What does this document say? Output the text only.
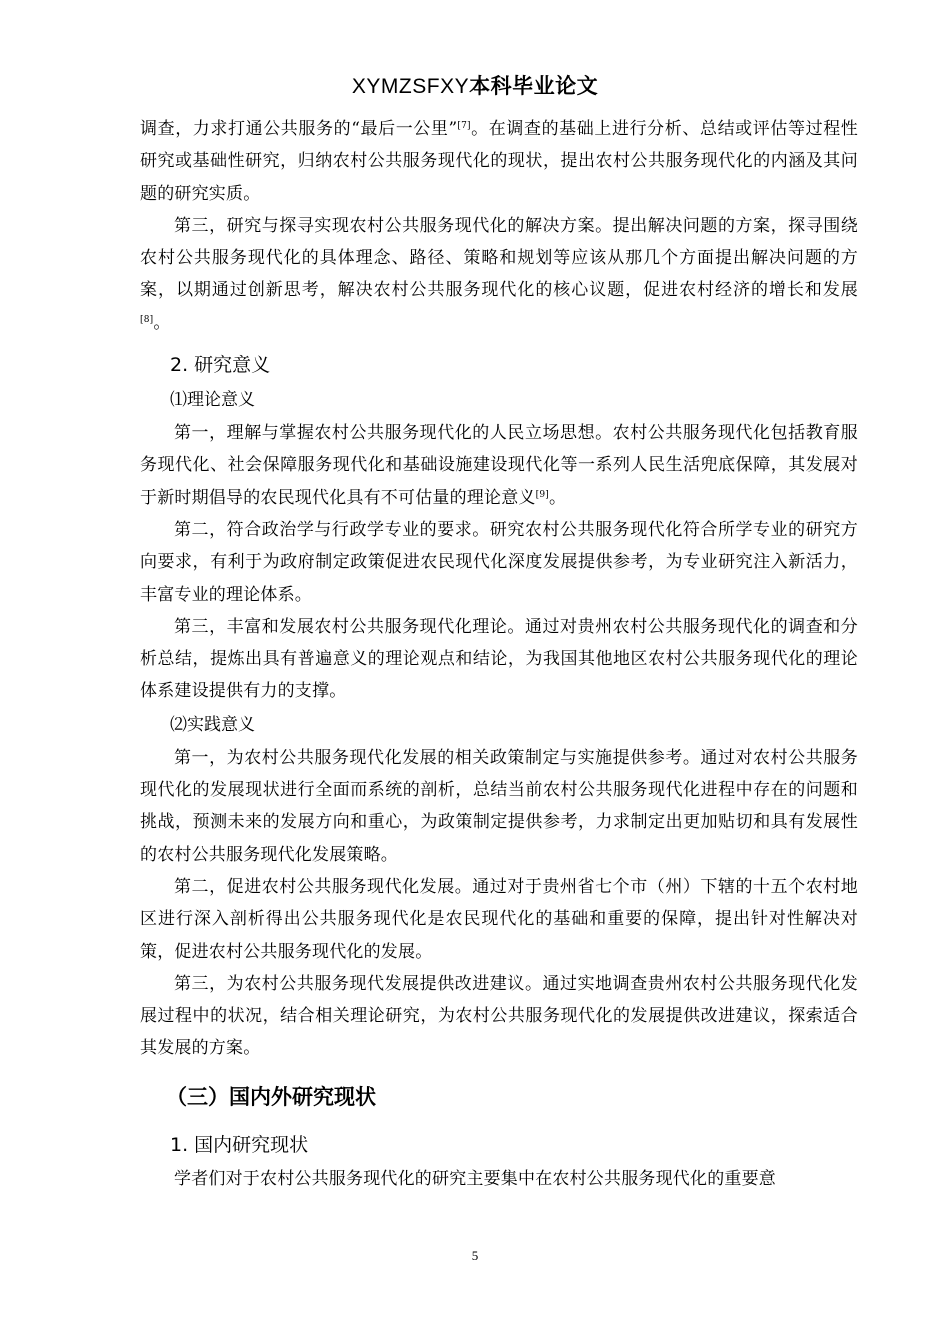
XYMZSFXY本科毕业论文

调查，力求打通公共服务的“最后一公里”[7]。在调查的基础上进行分析、总结或评估等过程性研究或基础性研究，归纳农村公共服务现代化的现状，提出农村公共服务现代化的内涵及其问题的研究实质。

第三，研究与探寻实现农村公共服务现代化的解决方案。提出解决问题的方案，探寻围绕农村公共服务现代化的具体理念、路径、策略和规划等应该从那几个方面提出解决问题的方案，以期通过创新思考，解决农村公共服务现代化的核心议题，促进农村经济的增长和发展[8]。

2. 研究意义
⑴理论意义

第一，理解与掌握农村公共服务现代化的人民立场思想。农村公共服务现代化包括教育服务现代化、社会保障服务现代化和基础设施建设现代化等一系列人民生活兜底保障，其发展对于新时期倡导的农民现代化具有不可估量的理论意义[9]。

第二，符合政治学与行政学专业的要求。研究农村公共服务现代化符合所学专业的研究方向要求，有利于为政府制定政策促进农民现代化深度发展提供参考，为专业研究注入新活力，丰富专业的理论体系。

第三，丰富和发展农村公共服务现代化理论。通过对贵州农村公共服务现代化的调查和分析总结，提炼出具有普遍意义的理论观点和结论，为我国其他地区农村公共服务现代化的理论体系建设提供有力的支撑。

⑵实践意义

第一，为农村公共服务现代化发展的相关政策制定与实施提供参考。通过对农村公共服务现代化的发展现状进行全面而系统的剖析，总结当前农村公共服务现代化进程中存在的问题和挑战，预测未来的发展方向和重心，为政策制定提供参考，力求制定出更加贴切和具有发展性的农村公共服务现代化发展策略。

第二，促进农村公共服务现代化发展。通过对于贵州省七个市（州）下辖的十五个农村地区进行深入剖析得出公共服务现代化是农民现代化的基础和重要的保障，提出针对性解决对策，促进农村公共服务现代化的发展。

第三，为农村公共服务现代发展提供改进建议。通过实地调查贵州农村公共服务现代化发展过程中的状况，结合相关理论研究，为农村公共服务现代化的发展提供改进建议，探索适合其发展的方案。

（三）国内外研究现状
1. 国内研究现状

学者们对于农村公共服务现代化的研究主要集中在农村公共服务现代化的重要意

5
